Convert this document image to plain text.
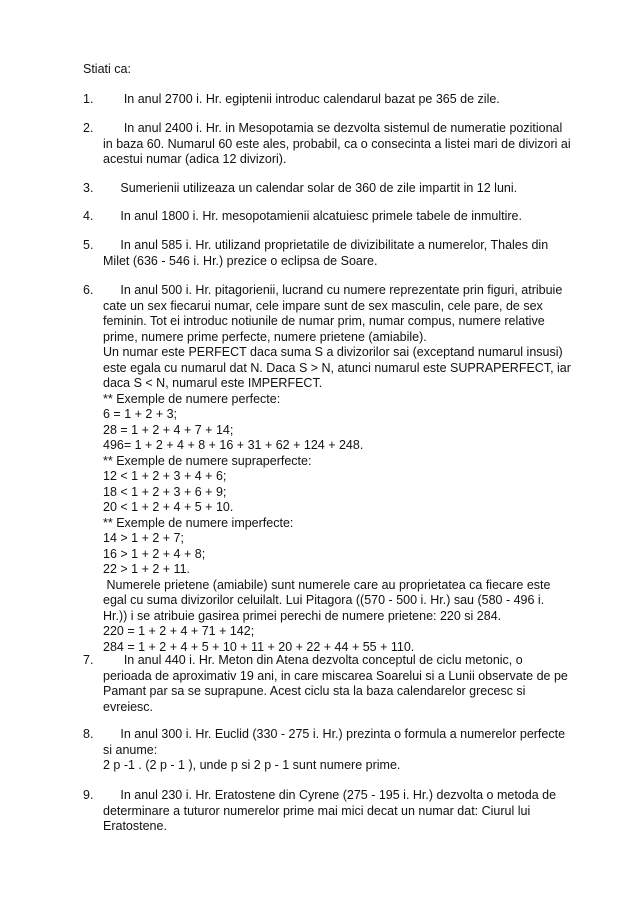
Stiati ca:
1. In anul 2700 i. Hr. egiptenii introduc calendarul bazat pe 365 de zile.
2. In anul 2400 i. Hr. in Mesopotamia se dezvolta sistemul de numeratie pozitional
in baza 60. Numarul 60 este ales, probabil, ca o consecinta a listei mari de divizori ai
acestui numar (adica 12 divizori).
3. Sumerienii utilizeaza un calendar solar de 360 de zile impartit in 12 luni.
4. In anul 1800 i. Hr. mesopotamienii alcatuiesc primele tabele de inmultire.
5. In anul 585 i. Hr. utilizand proprietatile de divizibilitate a numerelor, Thales din
Milet (636 - 546 i. Hr.) prezice o eclipsa de Soare.
6. In anul 500 i. Hr. pitagorienii, lucrand cu numere reprezentate prin figuri, atribuie
cate un sex fiecarui numar, cele impare sunt de sex masculin, cele pare, de sex
feminin. Tot ei introduc notiunile de numar prim, numar compus, numere relative
prime, numere prime perfecte, numere prietene (amiabile).
Un numar este PERFECT daca suma S a divizorilor sai (exceptand numarul insusi)
este egala cu numarul dat N. Daca S > N, atunci numarul este SUPRAPERFECT, iar
daca S < N, numarul este IMPERFECT.
** Exemple de numere perfecte:
6 = 1 + 2 + 3;
28 = 1 + 2 + 4 + 7 + 14;
496= 1 + 2 + 4 + 8 + 16 + 31 + 62 + 124 + 248.
** Exemple de numere supraperfecte:
12 < 1 + 2 + 3 + 4 + 6;
18 < 1 + 2 + 3 + 6 + 9;
20 < 1 + 2 + 4 + 5 + 10.
** Exemple de numere imperfecte:
14 > 1 + 2 + 7;
16 > 1 + 2 + 4 + 8;
22 > 1 + 2 + 11.
Numerele prietene (amiabile) sunt numerele care au proprietatea ca fiecare este
egal cu suma divizorilor celuilalt. Lui Pitagora ((570 - 500 i. Hr.) sau (580 - 496 i.
Hr.)) i se atribuie gasirea primei perechi de numere prietene: 220 si 284.
220 = 1 + 2 + 4 + 71 + 142;
284 = 1 + 2 + 4 + 5 + 10 + 11 + 20 + 22 + 44 + 55 + 110.
7. In anul 440 i. Hr. Meton din Atena dezvolta conceptul de ciclu metonic, o
perioada de aproximativ 19 ani, in care miscarea Soarelui si a Lunii observate de pe
Pamant par sa se suprapune. Acest ciclu sta la baza calendarelor grecesc si
evreiesc.
8. In anul 300 i. Hr. Euclid (330 - 275 i. Hr.) prezinta o formula a numerelor perfecte
si anume:
2 p -1 . (2 p - 1 ), unde p si 2 p - 1 sunt numere prime.
9. In anul 230 i. Hr. Eratostene din Cyrene (275 - 195 i. Hr.) dezvolta o metoda de
determinare a tuturor numerelor prime mai mici decat un numar dat: Ciurul lui
Eratostene.
